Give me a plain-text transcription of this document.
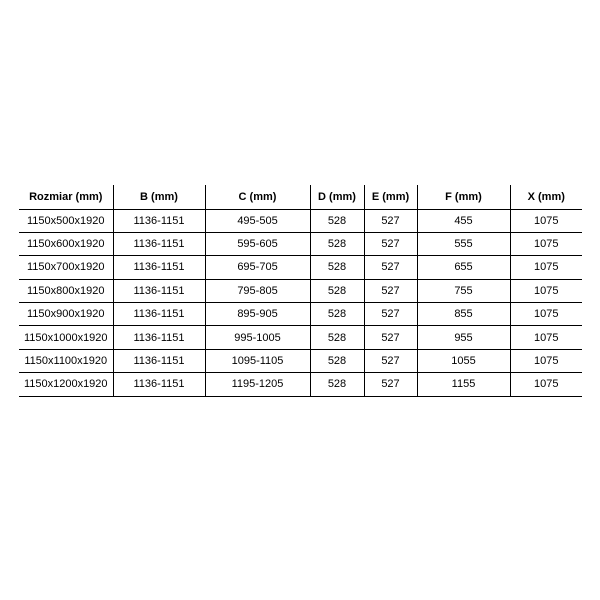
Rozmiar (mm)	B (mm)	C (mm)	D (mm)	E (mm)	F (mm)	X (mm)
1150x500x1920	1136-1151	495-505	528	527	455	1075
1150x600x1920	1136-1151	595-605	528	527	555	1075
1150x700x1920	1136-1151	695-705	528	527	655	1075
1150x800x1920	1136-1151	795-805	528	527	755	1075
1150x900x1920	1136-1151	895-905	528	527	855	1075
1150x1000x1920	1136-1151	995-1005	528	527	955	1075
1150x1100x1920	1136-1151	1095-1105	528	527	1055	1075
1150x1200x1920	1136-1151	1195-1205	528	527	1155	1075
